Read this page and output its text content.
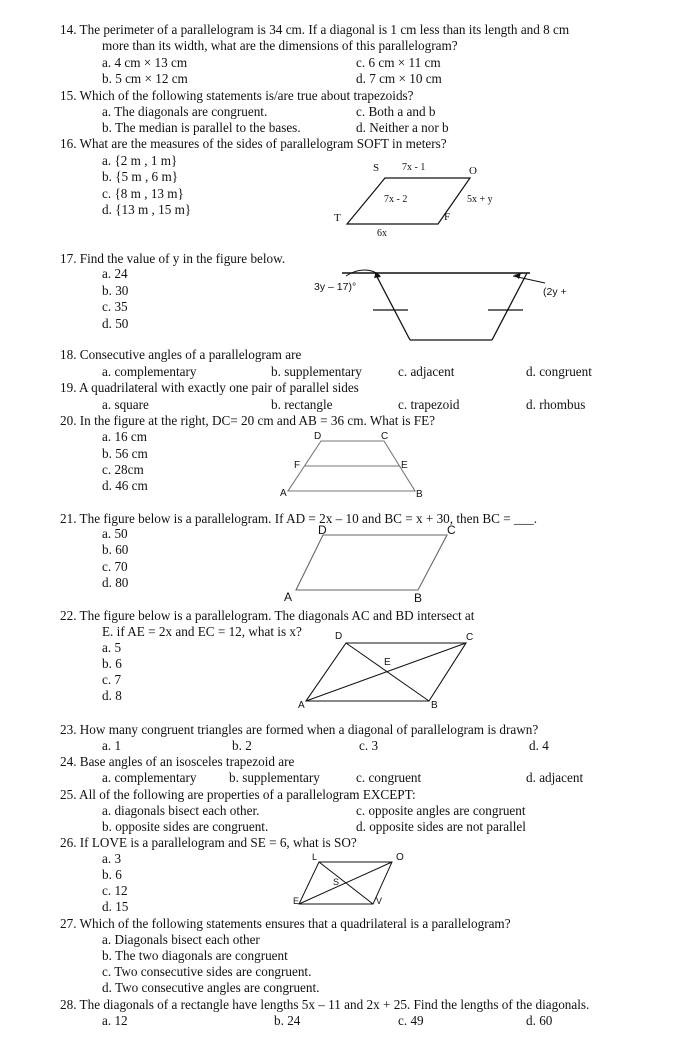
14. The perimeter of a parallelogram is 34 cm. If a diagonal is 1 cm less than its length and 8 cm
more than its width, what are the dimensions of this parallelogram?
a. 4 cm × 13 cm	c. 6 cm × 11 cm
b. 5 cm × 12 cm	d. 7 cm × 10 cm
15. Which of the following statements is/are true about trapezoids?
a. The diagonals are congruent.	c. Both a and b
b. The median is parallel to the bases.	d. Neither a nor b
16. What are the measures of the sides of parallelogram SOFT in meters?
a. {2 m , 1 m}
b. {5 m , 6 m}
c. {8 m , 13 m}
d. {13 m , 15 m}
S 7x - 1	O
7x - 2	5x + y
F
T
6x
17. Find the value of y in the figure below.
a. 24
b. 30
c. 35
d. 50
3y – 17)°	(2y +
18. Consecutive angles of a parallelogram are
a. complementary	b. supplementary	c. adjacent	d. congruent
19. A quadrilateral with exactly one pair of parallel sides
a. square	b. rectangle	c. trapezoid	d. rhombus
20. In the figure at the right, DC= 20 cm and AB = 36 cm. What is FE?
a. 16 cm
b. 56 cm
c. 28cm
d. 46 cm
D	C
F	E
A	B
21. The figure below is a parallelogram. If AD = 2x – 10 and BC = x + 30, then BC = ___.
a. 50
b. 60
c. 70
d. 80
D	C
A	B
22. The figure below is a parallelogram. The diagonals AC and BD intersect at
E. if AE = 2x and EC = 12, what is x?
a. 5
b. 6
c. 7
d. 8
D	C
E
A	B
23. How many congruent triangles are formed when a diagonal of parallelogram is drawn?
a. 1	b. 2	c. 3	d. 4
24. Base angles of an isosceles trapezoid are
a. complementary b. supplementary	c. congruent	d. adjacent
25. All of the following are properties of a parallelogram EXCEPT:
a. diagonals bisect each other.	c. opposite angles are congruent
b. opposite sides are congruent.	d. opposite sides are not parallel
26. If LOVE is a parallelogram and SE = 6, what is SO?
a. 3
b. 6
c. 12
d. 15
L	O
S
E	V
27. Which of the following statements ensures that a quadrilateral is a parallelogram?
a. Diagonals bisect each other
b. The two diagonals are congruent
c. Two consecutive sides are congruent.
d. Two consecutive angles are congruent.
28. The diagonals of a rectangle have lengths 5x – 11 and 2x + 25. Find the lengths of the diagonals.
a. 12	b. 24	c. 49	d. 60
